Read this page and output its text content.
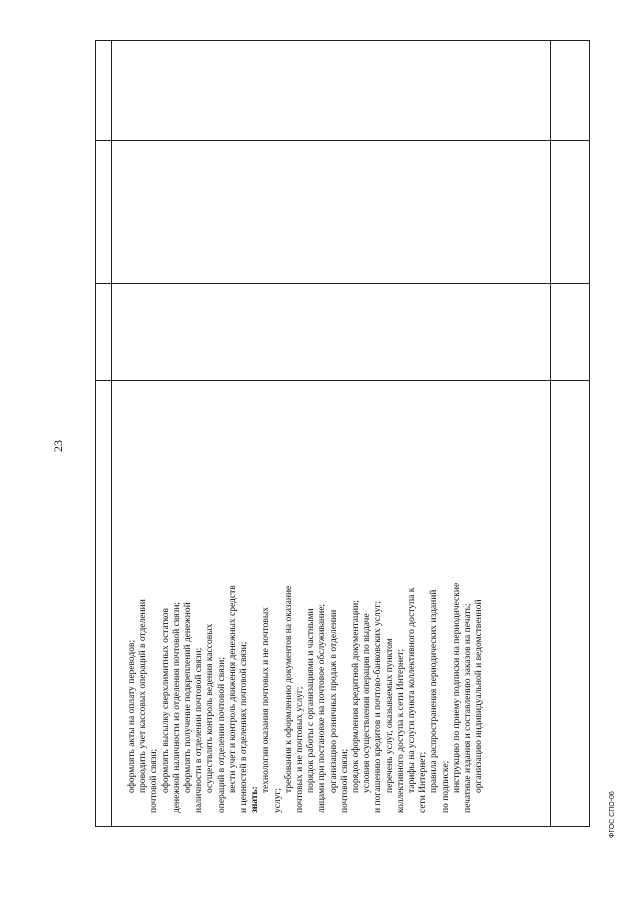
23
оформлять акты на оплату переводов; проводить учет кассовых операций в отделении почтовой связи; оформлять высылку сверхлимитных остатков денежной наличности из отделения почтовой связи; оформлять получение подкреплений денежной наличности в отделении почтовой связи; осуществлять контроль ведения кассовых операций в отделении почтовой связи; вести учет и контроль движения денежных средств и ценностей в отделениях почтовой связи; знать:
технологии оказания почтовых и не почтовых
услуг;
требования к оформлению документов на оказание почтовых и не почтовых услуг; порядок работы с организациями и частными лицами при постановке на почтовое обслуживание; организацию розничных продаж в отделении почтовой связи; порядок оформления кредитной документации; условия осуществления операция по выдаче и погашению кредитов и почтово-банковских услуг; перечень услуг, оказываемых пунктом коллективного доступа к сети Интернет; тарифы на услуги пункта коллективного доступа к сети Интернет; правила распространения периодических изданий по подписке; инструкцию по приему подписки на периодические печатные издания и составлению заказов на печать; организацию индивидуальной и ведомственной
ФГОС СПО-06
